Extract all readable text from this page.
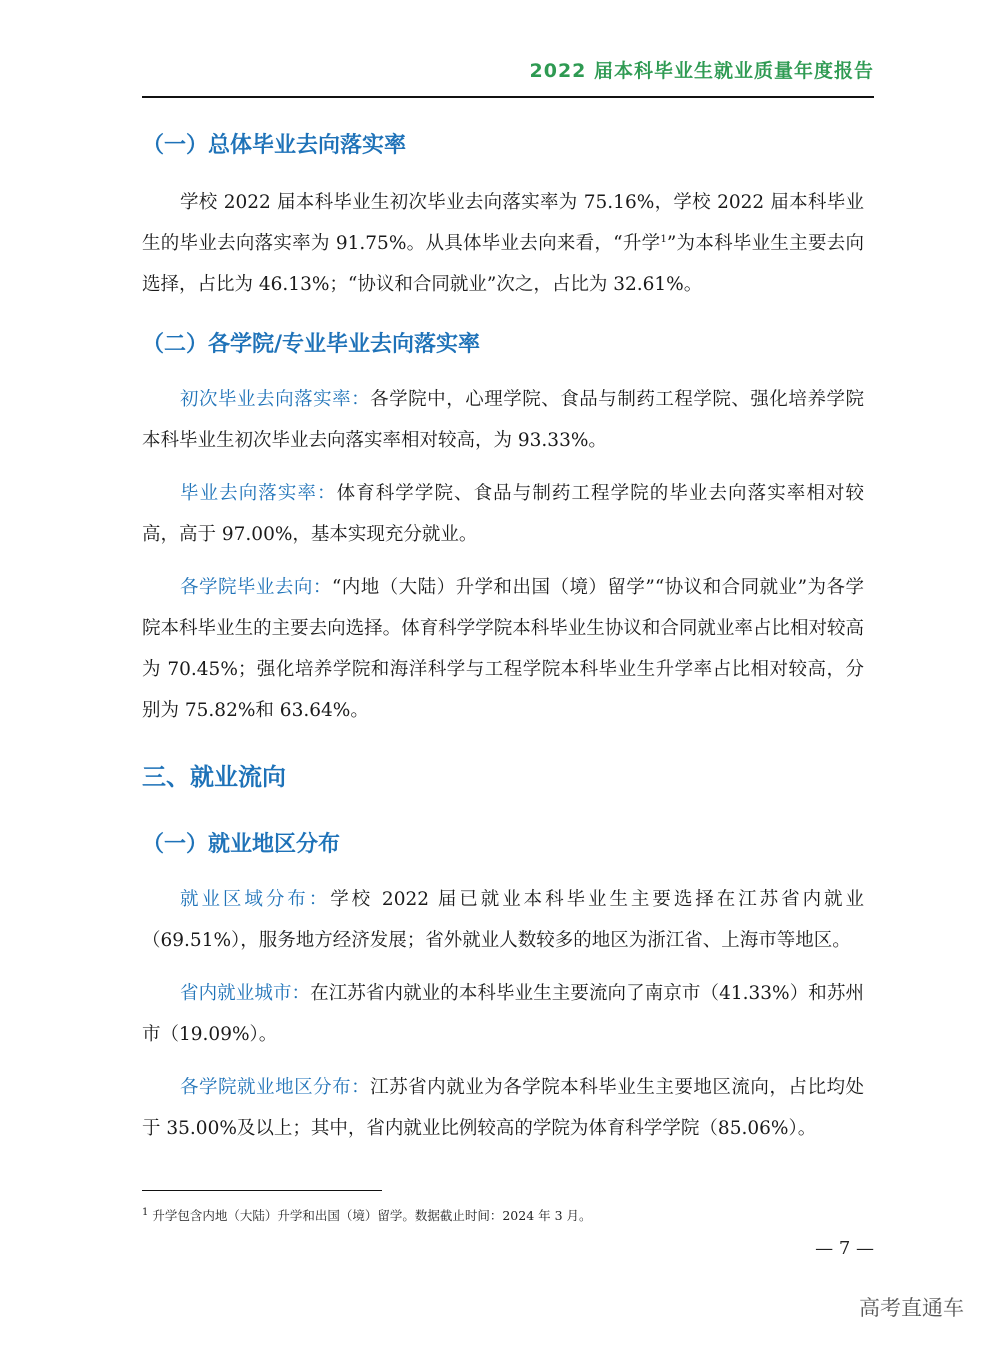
2022 届本科毕业生就业质量年度报告
（一）总体毕业去向落实率

学校 2022 届本科毕业生初次毕业去向落实率为 75.16%，学校 2022 届本科毕业生的毕业去向落实率为 91.75%。从具体毕业去向来看，“升学$^1$”为本科毕业生主要去向选择，占比为 46.13%；“协议和合同就业”次之，占比为 32.61%。

（二）各学院/专业毕业去向落实率

初次毕业去向落实率：各学院中，心理学院、食品与制药工程学院、强化培养学院本科毕业生初次毕业去向落实率相对较高，为 93.33%。

毕业去向落实率：体育科学学院、食品与制药工程学院的毕业去向落实率相对较高，高于 97.00%，基本实现充分就业。

各学院毕业去向：“内地（大陆）升学和出国（境）留学”“协议和合同就业”为各学院本科毕业生的主要去向选择。体育科学学院本科毕业生协议和合同就业率占比相对较高为 70.45%；强化培养学院和海洋科学与工程学院本科毕业生升学率占比相对较高，分别为 75.82%和 63.64%。

三、就业流向
（一）就业地区分布

就业区域分布：学校 2022 届已就业本科毕业生主要选择在江苏省内就业（69.51%），服务地方经济发展；省外就业人数较多的地区为浙江省、上海市等地区。

省内就业城市：在江苏省内就业的本科毕业生主要流向了南京市（41.33%）和苏州市（19.09%）。

各学院就业地区分布：江苏省内就业为各学院本科毕业生主要地区流向，占比均处于 35.00%及以上；其中，省内就业比例较高的学院为体育科学学院（85.06%）。

$^1$ 升学包含内地（大陆）升学和出国（境）留学。数据截止时间：2024 年 3 月。
— 7 —
高考直通车
